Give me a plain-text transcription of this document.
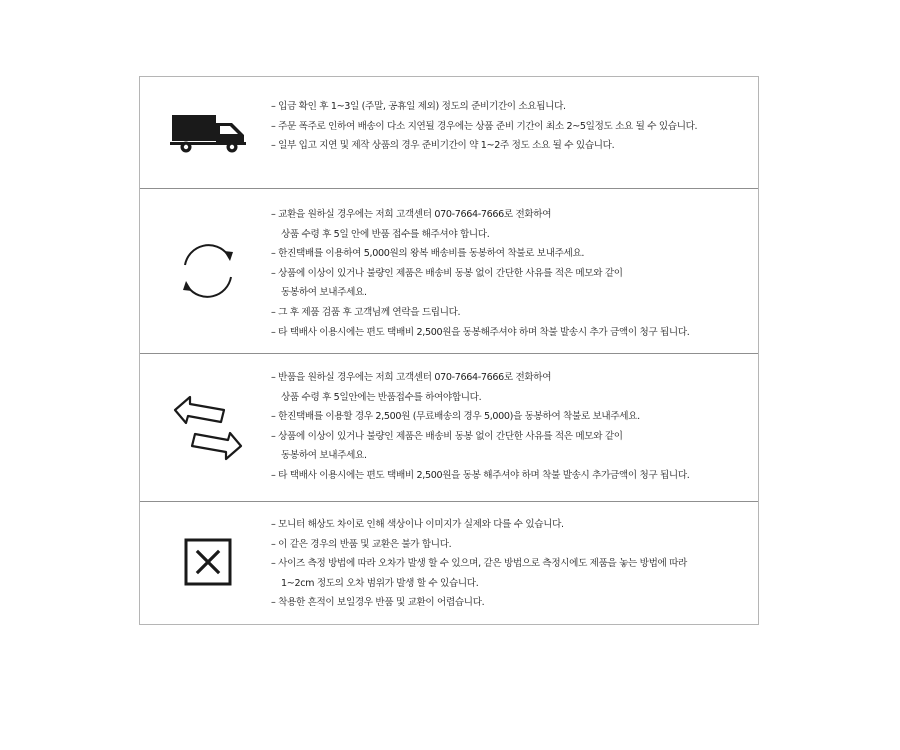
– 입금 확인 후 1~3일 (주말, 공휴일 제외) 정도의 준비기간이 소요됩니다.
– 주문 폭주로 인하여 배송이 다소 지연될 경우에는 상품 준비 기간이 최소 2~5일정도 소요 될 수 있습니다.
– 일부 입고 지연 및 제작 상품의 경우 준비기간이 약 1~2주 정도 소요 될 수 있습니다.
– 교환을 원하실 경우에는 저희 고객센터 070-7664-7666로 전화하여
상품 수령 후 5일 안에 반품 접수를 해주셔야 합니다.
– 한진택배를 이용하여 5,000원의 왕복 배송비를 동봉하여 착불로 보내주세요.
– 상품에 이상이 있거나 불량인 제품은 배송비 동봉 없이 간단한 사유를 적은 메모와 같이
동봉하여 보내주세요.
– 그 후 제품 검품 후 고객님께 연락을 드립니다.
– 타 택배사 이용시에는 편도 택배비 2,500원을 동봉해주셔야 하며 착불 발송시 추가 금액이 청구 됩니다.
– 반품을 원하실 경우에는 저희 고객센터 070-7664-7666로 전화하여
상품 수령 후 5일안에는 반품접수를 하여야합니다.
– 한진택배를 이용할 경우 2,500원 (무료배송의 경우 5,000)을 동봉하여 착불로 보내주세요.
– 상품에 이상이 있거나 불량인 제품은 배송비 동봉 없이 간단한 사유를 적은 메모와 같이
동봉하여 보내주세요.
– 타 택배사 이용시에는 편도 택배비 2,500원을 동봉 해주셔야 하며 착불 발송시 추가금액이 청구 됩니다.
– 모니터 해상도 차이로 인해 색상이나 이미지가 실제와 다를 수 있습니다.
– 이 같은 경우의 반품 및 교환은 불가 합니다.
– 사이즈 측정 방법에 따라 오차가 발생 할 수 있으며, 같은 방법으로 측정시에도 제품을 놓는 방법에 따라
1~2cm 정도의 오차 범위가 발생 할 수 있습니다.
– 착용한 흔적이 보일경우 반품 및 교환이 어렵습니다.
